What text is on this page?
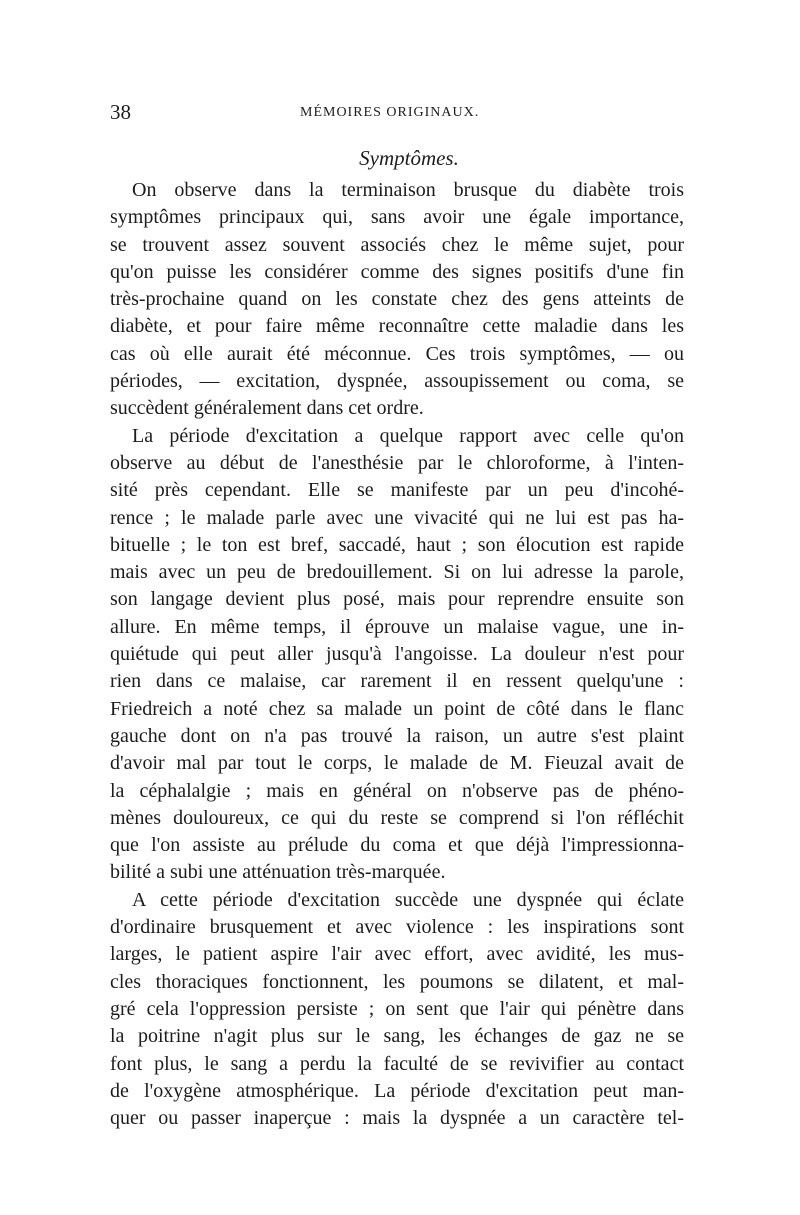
38	MÉMOIRES ORIGINAUX.
Symptômes.
On observe dans la terminaison brusque du diabète trois
symptômes principaux qui, sans avoir une égale importance,
se trouvent assez souvent associés chez le même sujet, pour
qu'on puisse les considérer comme des signes positifs d'une fin
très-prochaine quand on les constate chez des gens atteints de
diabète, et pour faire même reconnaître cette maladie dans les
cas où elle aurait été méconnue. Ces trois symptômes, — ou
périodes, — excitation, dyspnée, assoupissement ou coma, se
succèdent généralement dans cet ordre.
La période d'excitation a quelque rapport avec celle qu'on
observe au début de l'anesthésie par le chloroforme, à l'inten-
sité près cependant. Elle se manifeste par un peu d'incohé-
rence ; le malade parle avec une vivacité qui ne lui est pas ha-
bituelle ; le ton est bref, saccadé, haut ; son élocution est rapide
mais avec un peu de bredouillement. Si on lui adresse la parole,
son langage devient plus posé, mais pour reprendre ensuite son
allure. En même temps, il éprouve un malaise vague, une in-
quiétude qui peut aller jusqu'à l'angoisse. La douleur n'est pour
rien dans ce malaise, car rarement il en ressent quelqu'une :
Friedreich a noté chez sa malade un point de côté dans le flanc
gauche dont on n'a pas trouvé la raison, un autre s'est plaint
d'avoir mal par tout le corps, le malade de M. Fieuzal avait de
la céphalalgie ; mais en général on n'observe pas de phéno-
mènes douloureux, ce qui du reste se comprend si l'on réfléchit
que l'on assiste au prélude du coma et que déjà l'impressionna-
bilité a subi une atténuation très-marquée.
A cette période d'excitation succède une dyspnée qui éclate
d'ordinaire brusquement et avec violence : les inspirations sont
larges, le patient aspire l'air avec effort, avec avidité, les mus-
cles thoraciques fonctionnent, les poumons se dilatent, et mal-
gré cela l'oppression persiste ; on sent que l'air qui pénètre dans
la poitrine n'agit plus sur le sang, les échanges de gaz ne se
font plus, le sang a perdu la faculté de se revivifier au contact
de l'oxygène atmosphérique. La période d'excitation peut man-
quer ou passer inaperçue : mais la dyspnée a un caractère tel-
